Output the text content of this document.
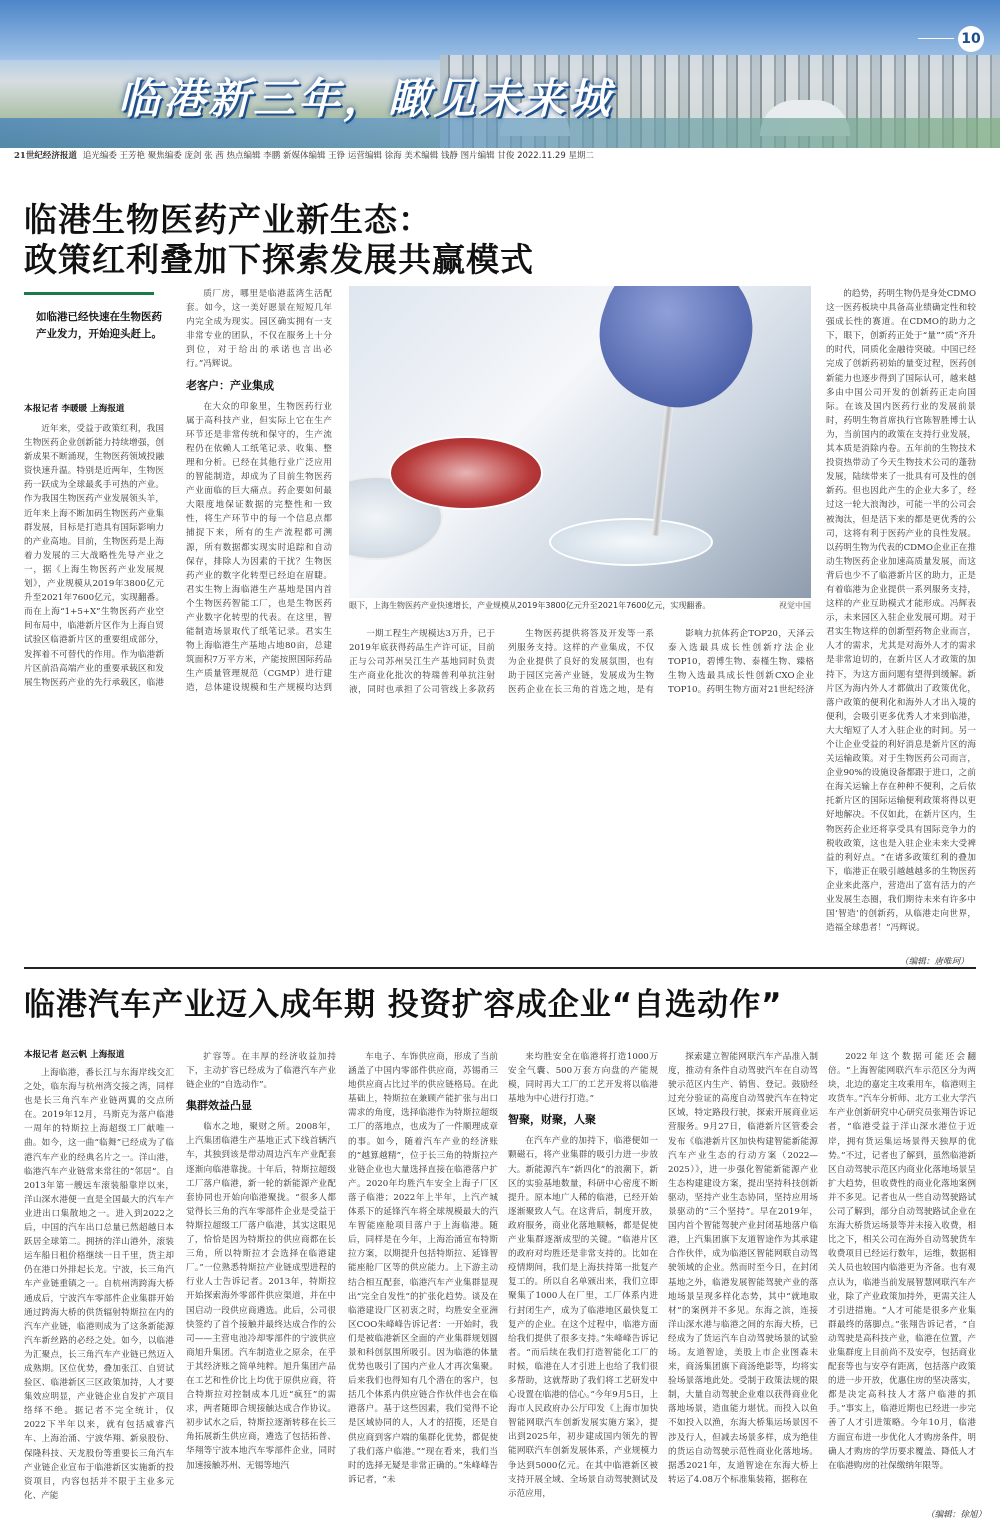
临港新三年，瞰见未来城
10
21世纪经济报道 追光编委 王芳艳 聚焦编委 庞剑 张 茜 热点编辑 李鹏 新媒体编辑 王铮 运营编辑 徐海 美术编辑 钱静 图片编辑 甘俊 2022.11.29 星期二
临港生物医药产业新生态：
政策红利叠加下探索发展共赢模式
如临港已经快速在生物医药产业发力，开始迎头赶上。
本报记者 李暖暖 上海报道

近年来，受益于政策红利，我国生物医药企业创新能力持续增强，创新成果不断涌现，生物医药领域投融资快速升温。特别是近两年，生物医药一跃成为全球最炙手可热的产业。作为我国生物医药产业发展领头羊，近年来上海不断加码生物医药产业集群发展，目标是打造具有国际影响力的产业高地。目前，生物医药是上海着力发展的三大战略性先导产业之一，据《上海生物医药产业发展规划》，产业规模从2019年3800亿元升至2021年7600亿元，实现翻番。而在上海“1+5+X”生物医药产业空间布局中，临港新片区作为上海自贸试验区临港新片区的重要组成部分，发挥着不可替代的作用。作为临港新片区前沿高端产业的重要承载区和发展生物医药产业的先行承载区，临港

质厂房，哪里是临港蓝湾生活配套。如今，这一美好愿景在短短几年内完全成为现实。园区确实拥有一支非常专业的团队，不仅在服务上十分到位，对于给出的承诺也言出必行。”冯辉说。

老客户：产业集成

在大众的印象里，生物医药行业属于高科技产业，但实际上它在生产环节还是非常传统和保守的，生产流程仍在依赖人工纸笔记录、收集、整理和分析。已经在其他行业广泛应用的智能制造，却成为了目前生物医药产业面临的巨大痛点。药企要如何最大限度地保证数据的完整性和一致性，将生产环节中的每一个信息点都捕捉下来，所有的生产流程都可溯源，所有数据都实现实时追踪和自动保存，排除人为因素的干扰？生物医药产业的数字化转型已经迫在眉睫。君实生物上海临港生产基地是国内首个生物医药智能工厂，也是生物医药产业数字化转型的代表。在这里，智能制造场景取代了纸笔记录。君实生物上海临港生产基地占地80亩，总建筑面积7万平方米，产能按照国际药品生产质量管理规范（CGMP）进行建造，总体建设规模和生产规模均达到

眼下，上海生物医药产业快速增长，产业规模从2019年3800亿元升至2021年7600亿元，实现翻番。	视觉中国

一期工程生产规模达3万升，已于2019年底获得药品生产许可证，目前正与公司苏州吴江生产基地同时负责生产商业化批次的特瑞普利单抗注射液，同时也承担了公司管线上多款药

生物医药提供将答及开发等一系列服务支持。这样的产业集成，不仅为企业提供了良好的发展氛围，也有助于园区完善产业链，发展成为生物医药企业在长三角的首选之地，是有

影响力抗体药企TOP20，天泽云泰入选最具成长性创新疗法企业TOP10，碧博生物、泰槿生物、臻格生物入选最具成长性创新CXO企业TOP10。药明生物方面对21世纪经济

的趋势，药明生物仍是身处CDMO这一医药板块中具备高业绩确定性和较强成长性的赛道。在CDMO的助力之下，眼下，创新药正处于“量”“质”齐升的时代，同质化金融待突破。中国已经完成了创新药初始的量变过程，医药创新能力也逐步得到了国际认可，越来越多由中国公司开发的创新药正走向国际。在该及国内医药行业的发展前景时，药明生物首席执行官陈智胜博士认为，当前国内的政策在支持行业发展，其本质是消除内卷。五年前的生物技术投资热带动了今天生物技术公司的蓬勃发展，陆续带来了一批具有可及性的创新药。但也因此产生的企业大多了，经过这一轮大浪淘沙，可能一半的公司会被淘汰，但是活下来的都是更优秀的公司，这将有利于医药产业的良性发展。以药明生物为代表的CDMO企业正在推动生物医药企业加速高质量发展，而这背后也少不了临港新片区的助力，正是有着临港为企业提供一系列服务支持，这样的产业互助模式才能形成。冯辉表示，未来园区入驻企业发展可期。对于君实生物这样的创新型药物企业而言，人才的需求，尤其是对海外人才的需求是非常迫切的，在新片区人才政策的加持下，为这方面问题有望得到缓解。新片区为海内外人才都做出了政策优化，落户政策的便利化和海外人才出入境的便利，会吸引更多优秀人才来到临港，大大缩短了人才入驻企业的时间。另一个让企业受益的利好消息是新片区的海关运输政策。对于生物医药公司而言，企业90%的设施设备都跟于进口，之前在海关运输上存在种种不便利，之后依托新片区的国际运输便利政策将得以更好地解决。不仅如此，在新片区内，生物医药企业还将享受具有国际竞争力的税收政策，这也是入驻企业未来大受裨益的利好点。“在诸多政策红利的叠加下，临港正在吸引越越越多的生物医药企业来此落户，营造出了富有活力的产业发展生态圈，我们期待未来有许多中国‘智造’的创新药，从临港走向世界，造福全球患者！”冯辉说。

（编辑：唐唯珂）
临港汽车产业迈入成年期 投资扩容成企业“自选动作”
本报记者 赵云帆 上海报道

上海临港，番长江与东海岸线交汇之处，临东海与杭州湾交接之湾，同样也是长三角汽车产业链两翼的交点所在。2019年12月，马斯克为落户临港一周年的特斯拉上海超级工厂献唯一曲。如今，这一曲“临舞”已经成为了临港汽车产业的经典名片之一。洋山港，临港汽车产业链常来常往的“邻居”。自2013年第一艘远车滚装船靠岸以来，洋山深水港便一直是全国最大的汽车产业进出口集散地之一。进入到2022之后，中国的汽车出口总量已然超越日本跃居全球第二。拥挤的洋山港外，滚装运车船日租价格继续一日千里，货主却仍在港口外排起长龙。宁波，长三角汽车产业链重镇之一。自杭州湾跨海大桥通成后，宁波汽车零部件企业集群开始通过跨海大桥的供货辐射特斯拉在内的汽车产业链，临港则成为了这条新能源汽车新丝路的必经之处。如今，以临港为汇聚点，长三角汽车产业链已然迈入成熟期。区位优势，叠加张江、自贸试验区、临港新区三区政策加持，人才要集效应明显，产业链企业自发扩产项目络绎不绝。据记者不完全统计，仅2022下半年以来，就有包括威睿汽车、上海治涌、宁波华翔、新泉股份、保隆科技、天龙股份等重要长三角汽车产业链企业宣布于临港新区实施新的投资项目，内容包括并不限于主业多元化、产能

扩容等。在丰厚的经济收益加持下，主动扩容已经成为了临港汽车产业链企业的“自选动作”。

集群效益凸显

临水之地，聚财之所。2008年，上汽集团临港生产基地正式下线首辆汽车，其独到该是带动周边汽车产业配套逐渐向临港靠拢。十年后，特斯拉超级工厂落户临港，新一轮的新能源产业配套协同也开始向临港聚拢。“很多人都觉得长三角的汽车零部件企业是受益于特斯拉超级工厂落户临港，其实这眼见了，恰恰是因为特斯拉的供应商都在长三角，所以特斯拉才会选择在临港建厂。”一位熟悉特斯拉产业链成型进程的行业人士告诉记者。2013年，特斯拉开始探索海外零部件供应渠道，并在中国启动一段供应商遴选。此后，公司很快签约了首个接触并最终达成合作的公司——主营电池冷却零部件的宁波供应商旭升集团。汽车制造业之原余，在乎于其经济账之简单纯粹。旭升集团产品在工艺和性价比上均优于原供应商，符合特斯拉对控制成本几近“疯狂”的需求，两者随即合规接触达成合作协议。初步试水之后，特斯拉逐渐转移在长三角拓展新生供应商，遴选了包括拓普、华翔等宁波本地汽车零部件企业，同时加速接触苏州、无锡等地汽

车电子、车饰供应商，形成了当前涵盖了中国内零部件供应商，苏锡甬三地供应商占比过半的供应链格局。在此基础上，特斯拉在兼顾产能扩张与出口需求的角度，选择临港作为特斯拉超级工厂的落地点，也成为了一件顺理成章的事。如今，随着汽车产业的经济账的“越算越精”，位于长三角的特斯拉产业链企业也大量选择直接在临港落户扩产。2020年均胜汽车安全上海子厂区落子临港；2022年上半年，上汽产城体系下的延锋汽车将全球规模最大的汽车智能座舱项目落户于上海临港。随后，同样是在今年，上海治涌宣布特斯拉方案，以期提升包括特斯拉、延锋智能座舱厂区等的供应能力。上下游主动结合相互配套，临港汽车产业集群显现出“完全自发性”的扩张化趋势。谈及在临港建设厂区初衷之时，均胜安全亚洲区COO朱峰峰告诉记者：一开始时，我们是被临港新区全面的产业集群规划圆景和科创氛围所吸引。因为临港的体量优势也吸引了国内产业人才再次集聚。后来我们也得知有几个潜在的客户，包括几个体系内供应链合作伙伴也会在临港落户。基于这些因素，我们觉得不论是区域协同的人，人才的招揽，还是自供应商到客户端的集群化优势，都促使了我们落户临港。”“现在看来，我们当时的选择无疑是非常正确的。”朱峰峰告诉记者，“未

来均胜安全在临港将打造1000万安全气囊、500万套方向盘的产能规模，同时再大工厂的工艺开发将以临港基地为中心进行打造。”

智聚，财聚，人聚

在汽车产业的加持下，临港便如一颗磁石，将产业集群的吸引力进一步放大。新能源汽车“新四化”的浪潮下，新区的实验基地数量，科研中心密度不断提升。原本地广人稀的临港，已经开始逐渐聚致人气。在这背后，制度开放，政府服务，商业化落地顺畅，都是促使产业集群逐渐成型的关键。“临港片区的政府对均胜还是非常支持的。比如在疫情期间，我们是上海扶持第一批复产复工的。所以自名单颁出来，我们立即聚集了1000人在厂里，工厂体系内进行封闭生产，成为了临港地区最快复工复产的企业。在这个过程中，临港方面给我们提供了很多支持。”朱峰峰告诉记者。“而后续在我们打造智能化工厂的时候，临港在人才引进上也给了我们很多帮助，这就帮助了我们将工艺研发中心设置在临港的信心。”今年9月5日，上海市人民政府办公厅印发《上海市加快智能网联汽车创新发展实施方案》，提出到2025年，初步建成国内领先的智能网联汽车创新发展体系，产业规模力争达到5000亿元。在其中临港新区被支持开展全域、全场景自动驾驶测试及示范应用，

探索建立智能网联汽车产品准入制度，推动有条件自动驾驶汽车在自动驾驶示范区内生产、销售、登记。鼓励经过充分验证的高度自动驾驶汽车在特定区域，特定路段行驶，探索开展商业运营服务。9月27日，临港新片区管委会发布《临港新片区加快构建智能新能源汽车产业生态的行动方案（2022—2025）》，进一步强化智能新能源产业生态构建建设方案，提出坚持科技创新驱动，坚持产业生态协同，坚持应用场景驱动的“三个坚持”。早在2019年，国内首个智能驾驶产业封闭基地落户临港，上汽集团旗下友道智途作为其承建合作伙伴，成为临港区智能网联自动驾驶领域的企业。然而时至今日，在封闭基地之外，临港发展智能驾驶产业的落地场景呈现多样化态势，其中“就地取材”的案例并不多见。东海之滨，连接洋山深水港与临港之间的东海大桥，已经成为了货运汽车自动驾驶场景的试验场。友道智途，美股上市企业图森未来，商汤集团旗下商汤绝影等，均将实验场景落地此处。受制于政策法规的限制，大量自动驾驶企业难以获得商业化落地场景，造血能力堪忧。而投入以鱼不如投入以渔，东海大桥集运场景因不涉及行人，但减去场景多样，成为绝佳的货运自动驾驶示范性商业化落地场。据悉2021年，友道智途在东海大桥上转运了4.08万个标准集装箱，据称在

2022年这个数据可能还会翻倍。“上海智能网联汽车示范区分为两块，北边的嘉定主攻乘用车，临港则主攻货车。”汽车分析师、北方工业大学汽车产业创新研究中心研究员张翔告诉记者，“临港受益于洋山深水港位于近岸，拥有货运集运场景得天独厚的优势。”不过，记者也了解到，虽然临港新区自动驾驶示范区内商业化落地场景呈扩大趋势，但收费性的商业化落地案例并不多见。记者也从一些自动驾驶路试公司了解到，部分自动驾驶路试企业在东海大桥货运场景等并未接入收费，相比之下，相关公司在海外自动驾驶货车收费项目已经运行数年，运维，数据相关人员也较国内临港更为齐备。也有观点认为，临港当前发展智慧网联汽车产业，除了产业政策加持外，更需关注人才引进措施。“人才可能是很多产业集群最终的落脚点。”张翔告诉记者，“自动驾驶是高科技产业，临港在位置，产业集群度上目前尚不及安亭，包括商业配套等也与安亭有距离，包括落户政策的进一步开放，优惠住房的坚决落实，都是决定高科技人才落户临港的抓手。”事实上，临港近期也已经进一步完善了人才引进策略。今年10月，临港方面宣布进一步优化人才购房条件，明确人才购房的学历要求覆盖、降低人才在临港购房的社保缴纳年限等。

（编辑：徐旭）
